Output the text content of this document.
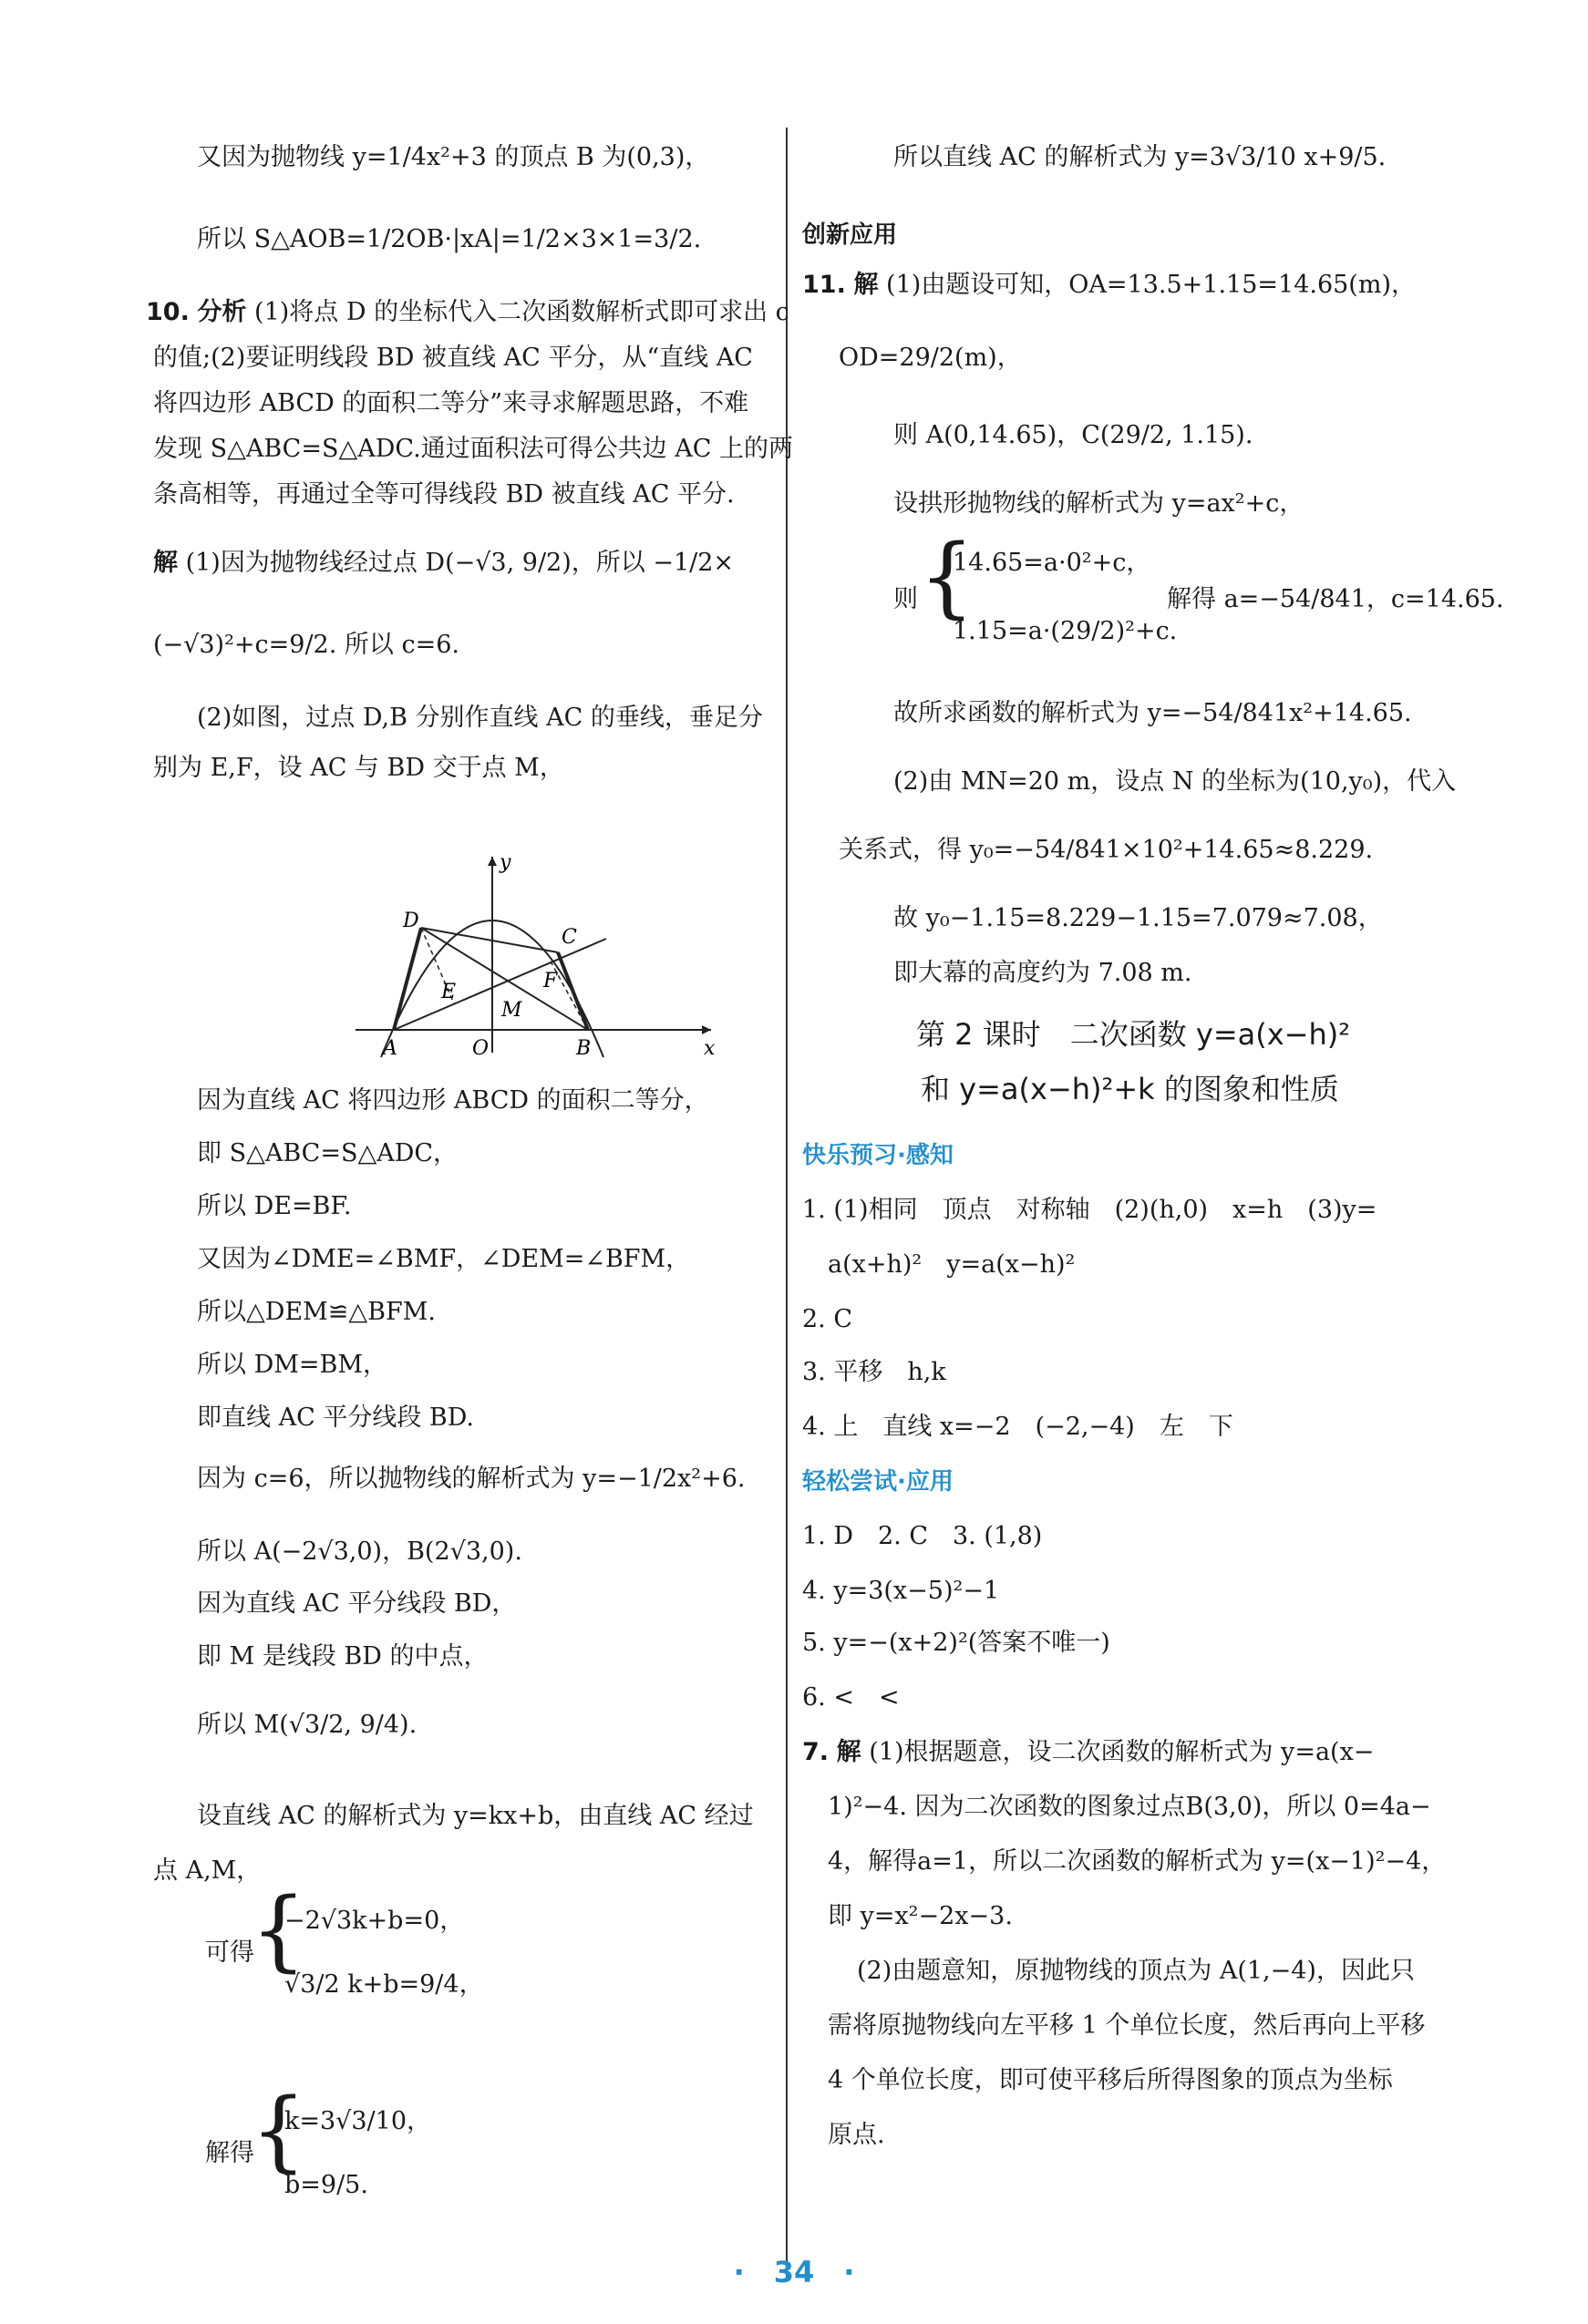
又因为抛物线 y=1/4x²+3 的顶点 B 为(0,3)，
所以 S△AOB=1/2OB·|xA|=1/2×3×1=3/2.
10. 分析 (1)将点 D 的坐标代入二次函数解析式即可求出 c
的值;(2)要证明线段 BD 被直线 AC 平分，从“直线 AC
将四边形 ABCD 的面积二等分”来寻求解题思路，不难
发现 S△ABC=S△ADC.通过面积法可得公共边 AC 上的两
条高相等，再通过全等可得线段 BD 被直线 AC 平分.
解 (1)因为抛物线经过点 D(−√3, 9/2)，所以 −1/2×
(−√3)²+c=9/2. 所以 c=6.
(2)如图，过点 D,B 分别作直线 AC 的垂线，垂足分
别为 E,F，设 AC 与 BD 交于点 M，
y
D
C
E	F
M
A	O	B	x
因为直线 AC 将四边形 ABCD 的面积二等分，
即 S△ABC=S△ADC，
所以 DE=BF.
又因为∠DME=∠BMF，∠DEM=∠BFM，
所以△DEM≌△BFM.
所以 DM=BM，
即直线 AC 平分线段 BD.
因为 c=6，所以抛物线的解析式为 y=−1/2x²+6.
所以 A(−2√3,0)，B(2√3,0).
因为直线 AC 平分线段 BD，
即 M 是线段 BD 的中点，
所以 M(√3/2, 9/4).
设直线 AC 的解析式为 y=kx+b，由直线 AC 经过
点 A,M，
可得
{
−2√3k+b=0，
√3/2 k+b=9/4，
解得
{
k=3√3/10，
b=9/5.
所以直线 AC 的解析式为 y=3√3/10 x+9/5.
创新应用
11. 解 (1)由题设可知，OA=13.5+1.15=14.65(m)，
OD=29/2(m)，
则 A(0,14.65)，C(29/2, 1.15).
设拱形抛物线的解析式为 y=ax²+c，
则 {
14.65=a·0²+c，
1.15=a·(29/2)²+c.
解得 a=−54/841，c=14.65.
故所求函数的解析式为 y=−54/841x²+14.65.
(2)由 MN=20 m，设点 N 的坐标为(10,y₀)，代入
关系式，得 y₀=−54/841×10²+14.65≈8.229.
故 y₀−1.15=8.229−1.15=7.079≈7.08，
即大幕的高度约为 7.08 m.
第 2 课时　二次函数 y=a(x−h)²
和 y=a(x−h)²+k 的图象和性质
快乐预习·感知
1. (1)相同　顶点　对称轴　(2)(h,0)　x=h　(3)y=
a(x+h)²　y=a(x−h)²
2. C
3. 平移　h,k
4. 上　直线 x=−2　(−2,−4)　左　下
轻松尝试·应用
1. D　2. C　3. (1,8)
4. y=3(x−5)²−1
5. y=−(x+2)²(答案不唯一)
6. <　<
7. 解 (1)根据题意，设二次函数的解析式为 y=a(x−
1)²−4. 因为二次函数的图象过点B(3,0)，所以 0=4a−
4，解得a=1，所以二次函数的解析式为 y=(x−1)²−4，
即 y=x²−2x−3.
(2)由题意知，原抛物线的顶点为 A(1,−4)，因此只
需将原抛物线向左平移 1 个单位长度，然后再向上平移
4 个单位长度，即可使平移后所得图象的顶点为坐标
原点.
·　34　·
